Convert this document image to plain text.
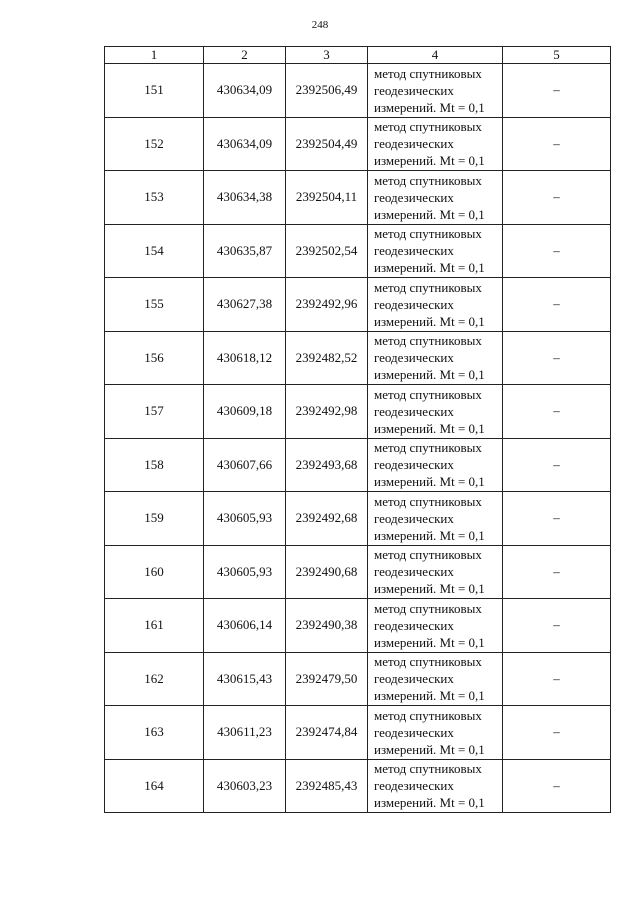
248
1	2	3	4	5
151	430634,09	2392506,49	метод спутниковых
геодезических
измерений. Mt = 0,1	–
152	430634,09	2392504,49	метод спутниковых
геодезических
измерений. Mt = 0,1	–
153	430634,38	2392504,11	метод спутниковых
геодезических
измерений. Mt = 0,1	–
154	430635,87	2392502,54	метод спутниковых
геодезических
измерений. Mt = 0,1	–
155	430627,38	2392492,96	метод спутниковых
геодезических
измерений. Mt = 0,1	–
156	430618,12	2392482,52	метод спутниковых
геодезических
измерений. Mt = 0,1	–
157	430609,18	2392492,98	метод спутниковых
геодезических
измерений. Mt = 0,1	–
158	430607,66	2392493,68	метод спутниковых
геодезических
измерений. Mt = 0,1	–
159	430605,93	2392492,68	метод спутниковых
геодезических
измерений. Mt = 0,1	–
160	430605,93	2392490,68	метод спутниковых
геодезических
измерений. Mt = 0,1	–
161	430606,14	2392490,38	метод спутниковых
геодезических
измерений. Mt = 0,1	–
162	430615,43	2392479,50	метод спутниковых
геодезических
измерений. Mt = 0,1	–
163	430611,23	2392474,84	метод спутниковых
геодезических
измерений. Mt = 0,1	–
164	430603,23	2392485,43	метод спутниковых
геодезических
измерений. Mt = 0,1	–
